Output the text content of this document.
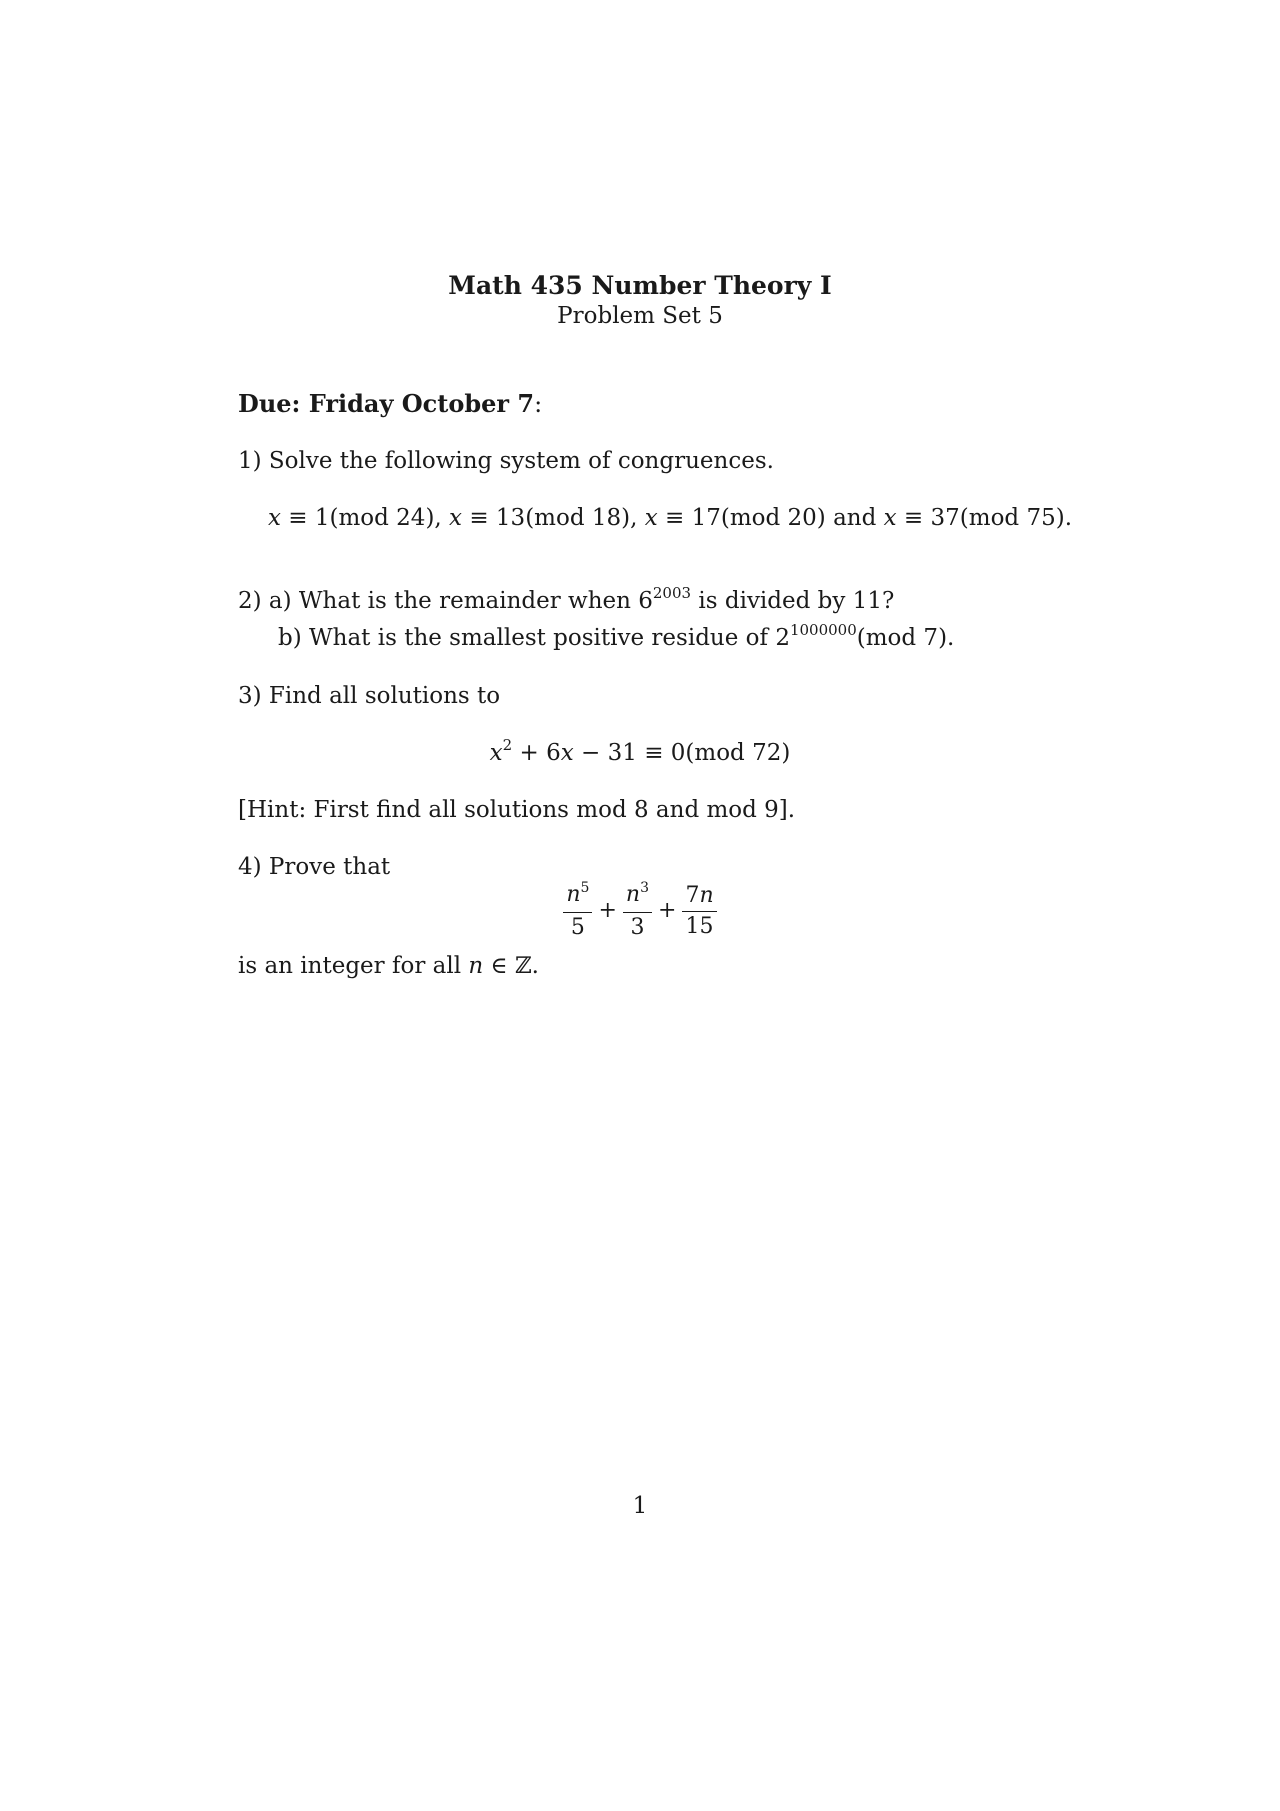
Math 435 Number Theory I
Problem Set 5
Due: Friday October 7:
1) Solve the following system of congruences.
x ≡ 1(mod 24), x ≡ 13(mod 18), x ≡ 17(mod 20) and x ≡ 37(mod 75).
2) a) What is the remainder when $6^{2003}$ is divided by 11?
b) What is the smallest positive residue of $2^{1000000}(mod$ 7).
3) Find all solutions to
$x^2 + 6x - 31 \equiv 0(mod$ 72)
[Hint: First find all solutions mod 8 and mod 9].
4) Prove that
$\frac{n^5}{5} + \frac{n^3}{3} + \frac{7n}{15}$
is an integer for all n ∈ ℤ.
1
